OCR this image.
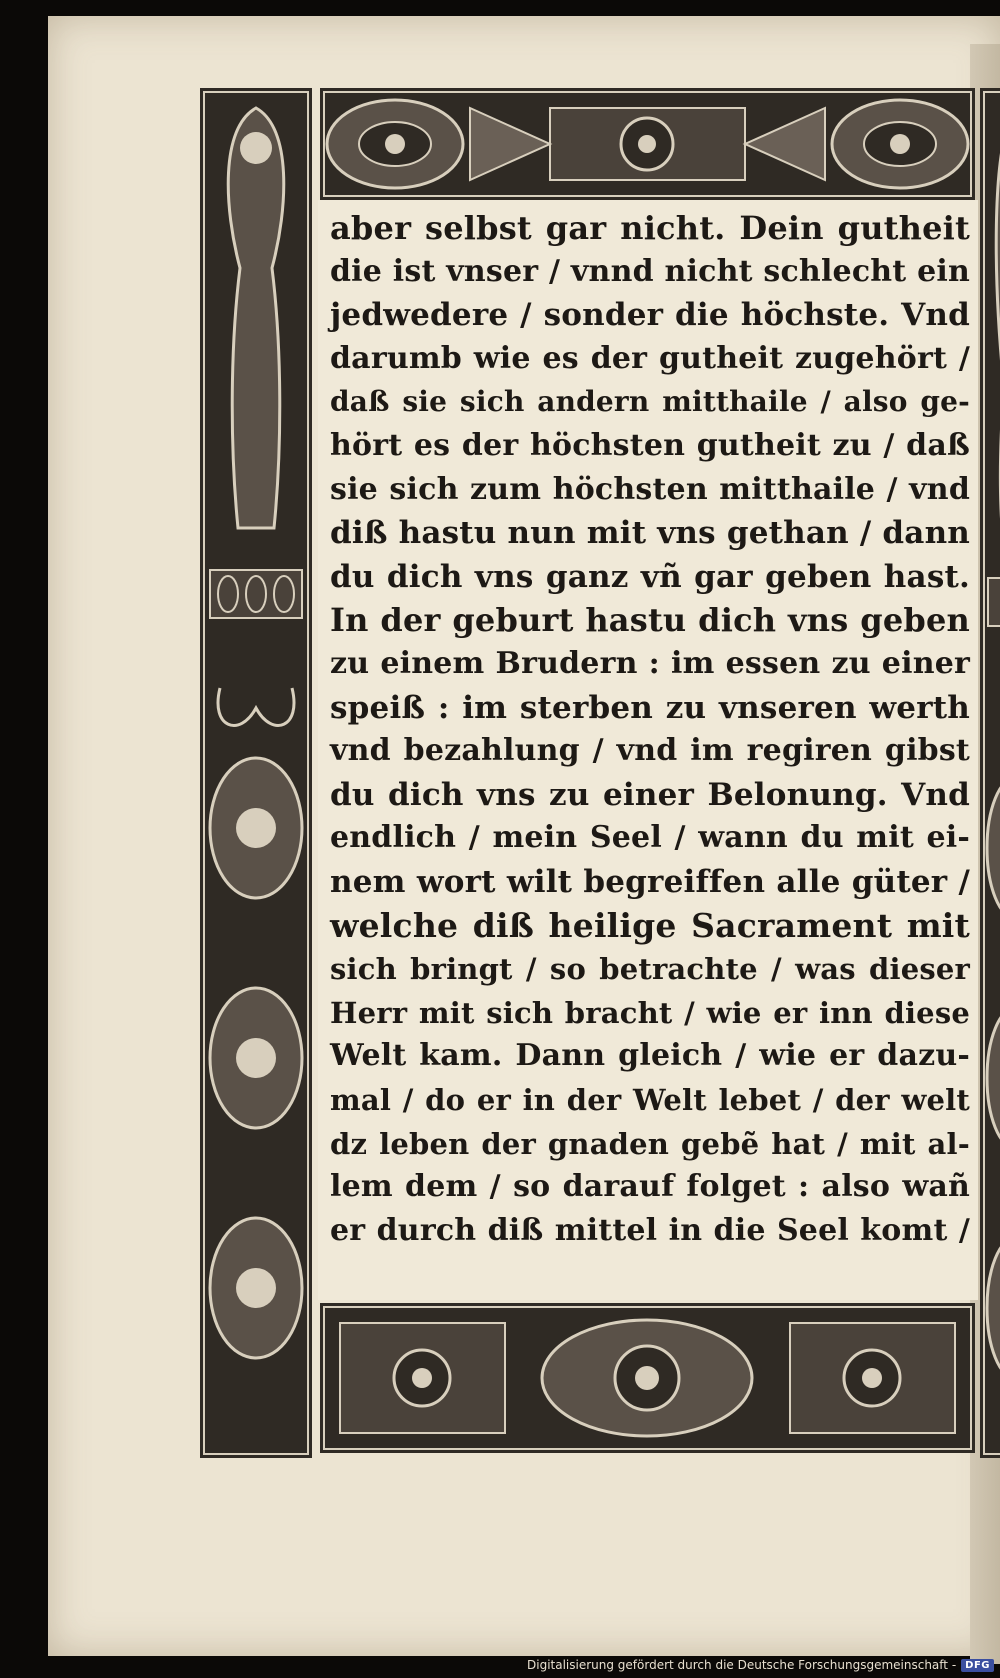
aber selbst gar nicht. Dein gutheit
die ist vnser / vnnd nicht schlecht ein
jedwedere / sonder die höchste. Vnd
darumb wie es der gutheit zugehört /
daß sie sich andern mitthaile / also ge-
hört es der höchsten gutheit zu / daß
sie sich zum höchsten mitthaile / vnd
diß hastu nun mit vns gethan / dann
du dich vns ganz vñ gar geben hast.
In der geburt hastu dich vns geben
zu einem Brudern : im essen zu einer
speiß : im sterben zu vnseren werth
vnd bezahlung / vnd im regiren gibst
du dich vns zu einer Belonung. Vnd
endlich / mein Seel / wann du mit ei-
nem wort wilt begreiffen alle güter /
welche diß heilige Sacrament mit
sich bringt / so betrachte / was dieser
Herr mit sich bracht / wie er inn diese
Welt kam. Dann gleich / wie er dazu-
mal / do er in der Welt lebet / der welt
dz leben der gnaden gebẽ hat / mit al-
lem dem / so darauf folget : also wañ
er durch diß mittel in die Seel komt /
Digitalisierung gefördert durch die Deutsche Forschungsgemeinschaft - DFG
